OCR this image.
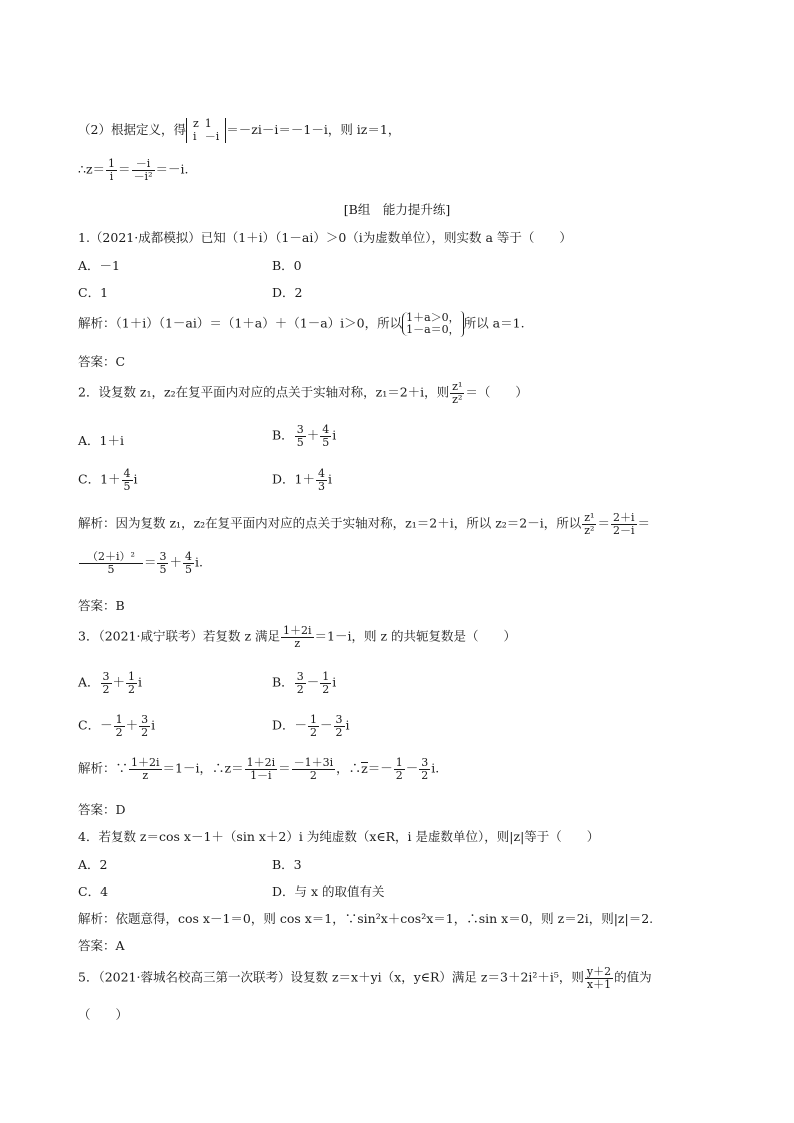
（2）根据定义，得 z	1
i	－i ＝－zi－i＝－1－i，则 iz＝1，
∴z＝ $\frac{1}{i} = \frac{-i}{\text{－i²}} =-i$.
[B组　能力提升练]
1.（2021·成都模拟）已知（1＋i）（1－ai）＞0（i为虚数单位），则实数 a 等于（　　）
A．－1	B．0
C．1	D．2
解析：（1＋i）（1－ai）＝（1＋a）＋（1－a）i＞0，所以 1＋a＞0，
1－a＝0， 所以 a＝1.
答案：C
2．设复数 z₁，z₂在复平面内对应的点关于实轴对称，z₁＝2＋i，则 $\frac{\text{z¹}}{\text{z²}}$ ＝（　　）
A．1＋i	B． $\frac{3}{5} + \frac{4}{5}$ i
C．$1+ \frac{4}{5}$ i	D．$1+ \frac{4}{3}$ i
解析：因为复数 z₁，z₂在复平面内对应的点关于实轴对称，z₁＝2＋i，所以 z₂＝2－i，所以 $\frac{\text{z¹}}{\text{z²}} = \frac{2+i}{2-i}$ ＝
$\frac{\text{（2＋i）²}}{5} = \frac{3}{5} + \frac{4}{5} i$.
答案：B
3．（2021·咸宁联考）若复数 z 满足 $\frac{1+2i}{z} =1-i$，则 z 的共轭复数是（　　）
A． $\frac{3}{2} + \frac{1}{2}$ i	B． $\frac{3}{2} - \frac{1}{2}$ i
C．－ $\frac{1}{2} + \frac{3}{2}$ i	D．－ $\frac{1}{2} - \frac{3}{2}$ i
解析：∵ $\frac{1+2i}{z} =1-i$，∴z＝ $\frac{1+2i}{1-i} = \frac{-1+3i}{2}$ ，∴z＝－ $\frac{1}{2} - \frac{3}{2} i$.
答案：D
4．若复数 z＝cos x－1＋（sin x＋2）i 为纯虚数（x∈R，i 是虚数单位），则|z|等于（　　）
A．2	B．3
C．4	D．与 x 的取值有关
解析：依题意得，cos x－1＝0，则 cos x＝1，∵sin²x＋cos²x＝1，∴sin x＝0，则 z＝2i，则|z|＝2.
答案：A
5．（2021·蓉城名校高三第一次联考）设复数 z＝x＋yi（x，y∈R）满足 z＝3＋2i²＋i⁵，则 $\frac{y+2}{x+1}$ 的值为
（　　）
